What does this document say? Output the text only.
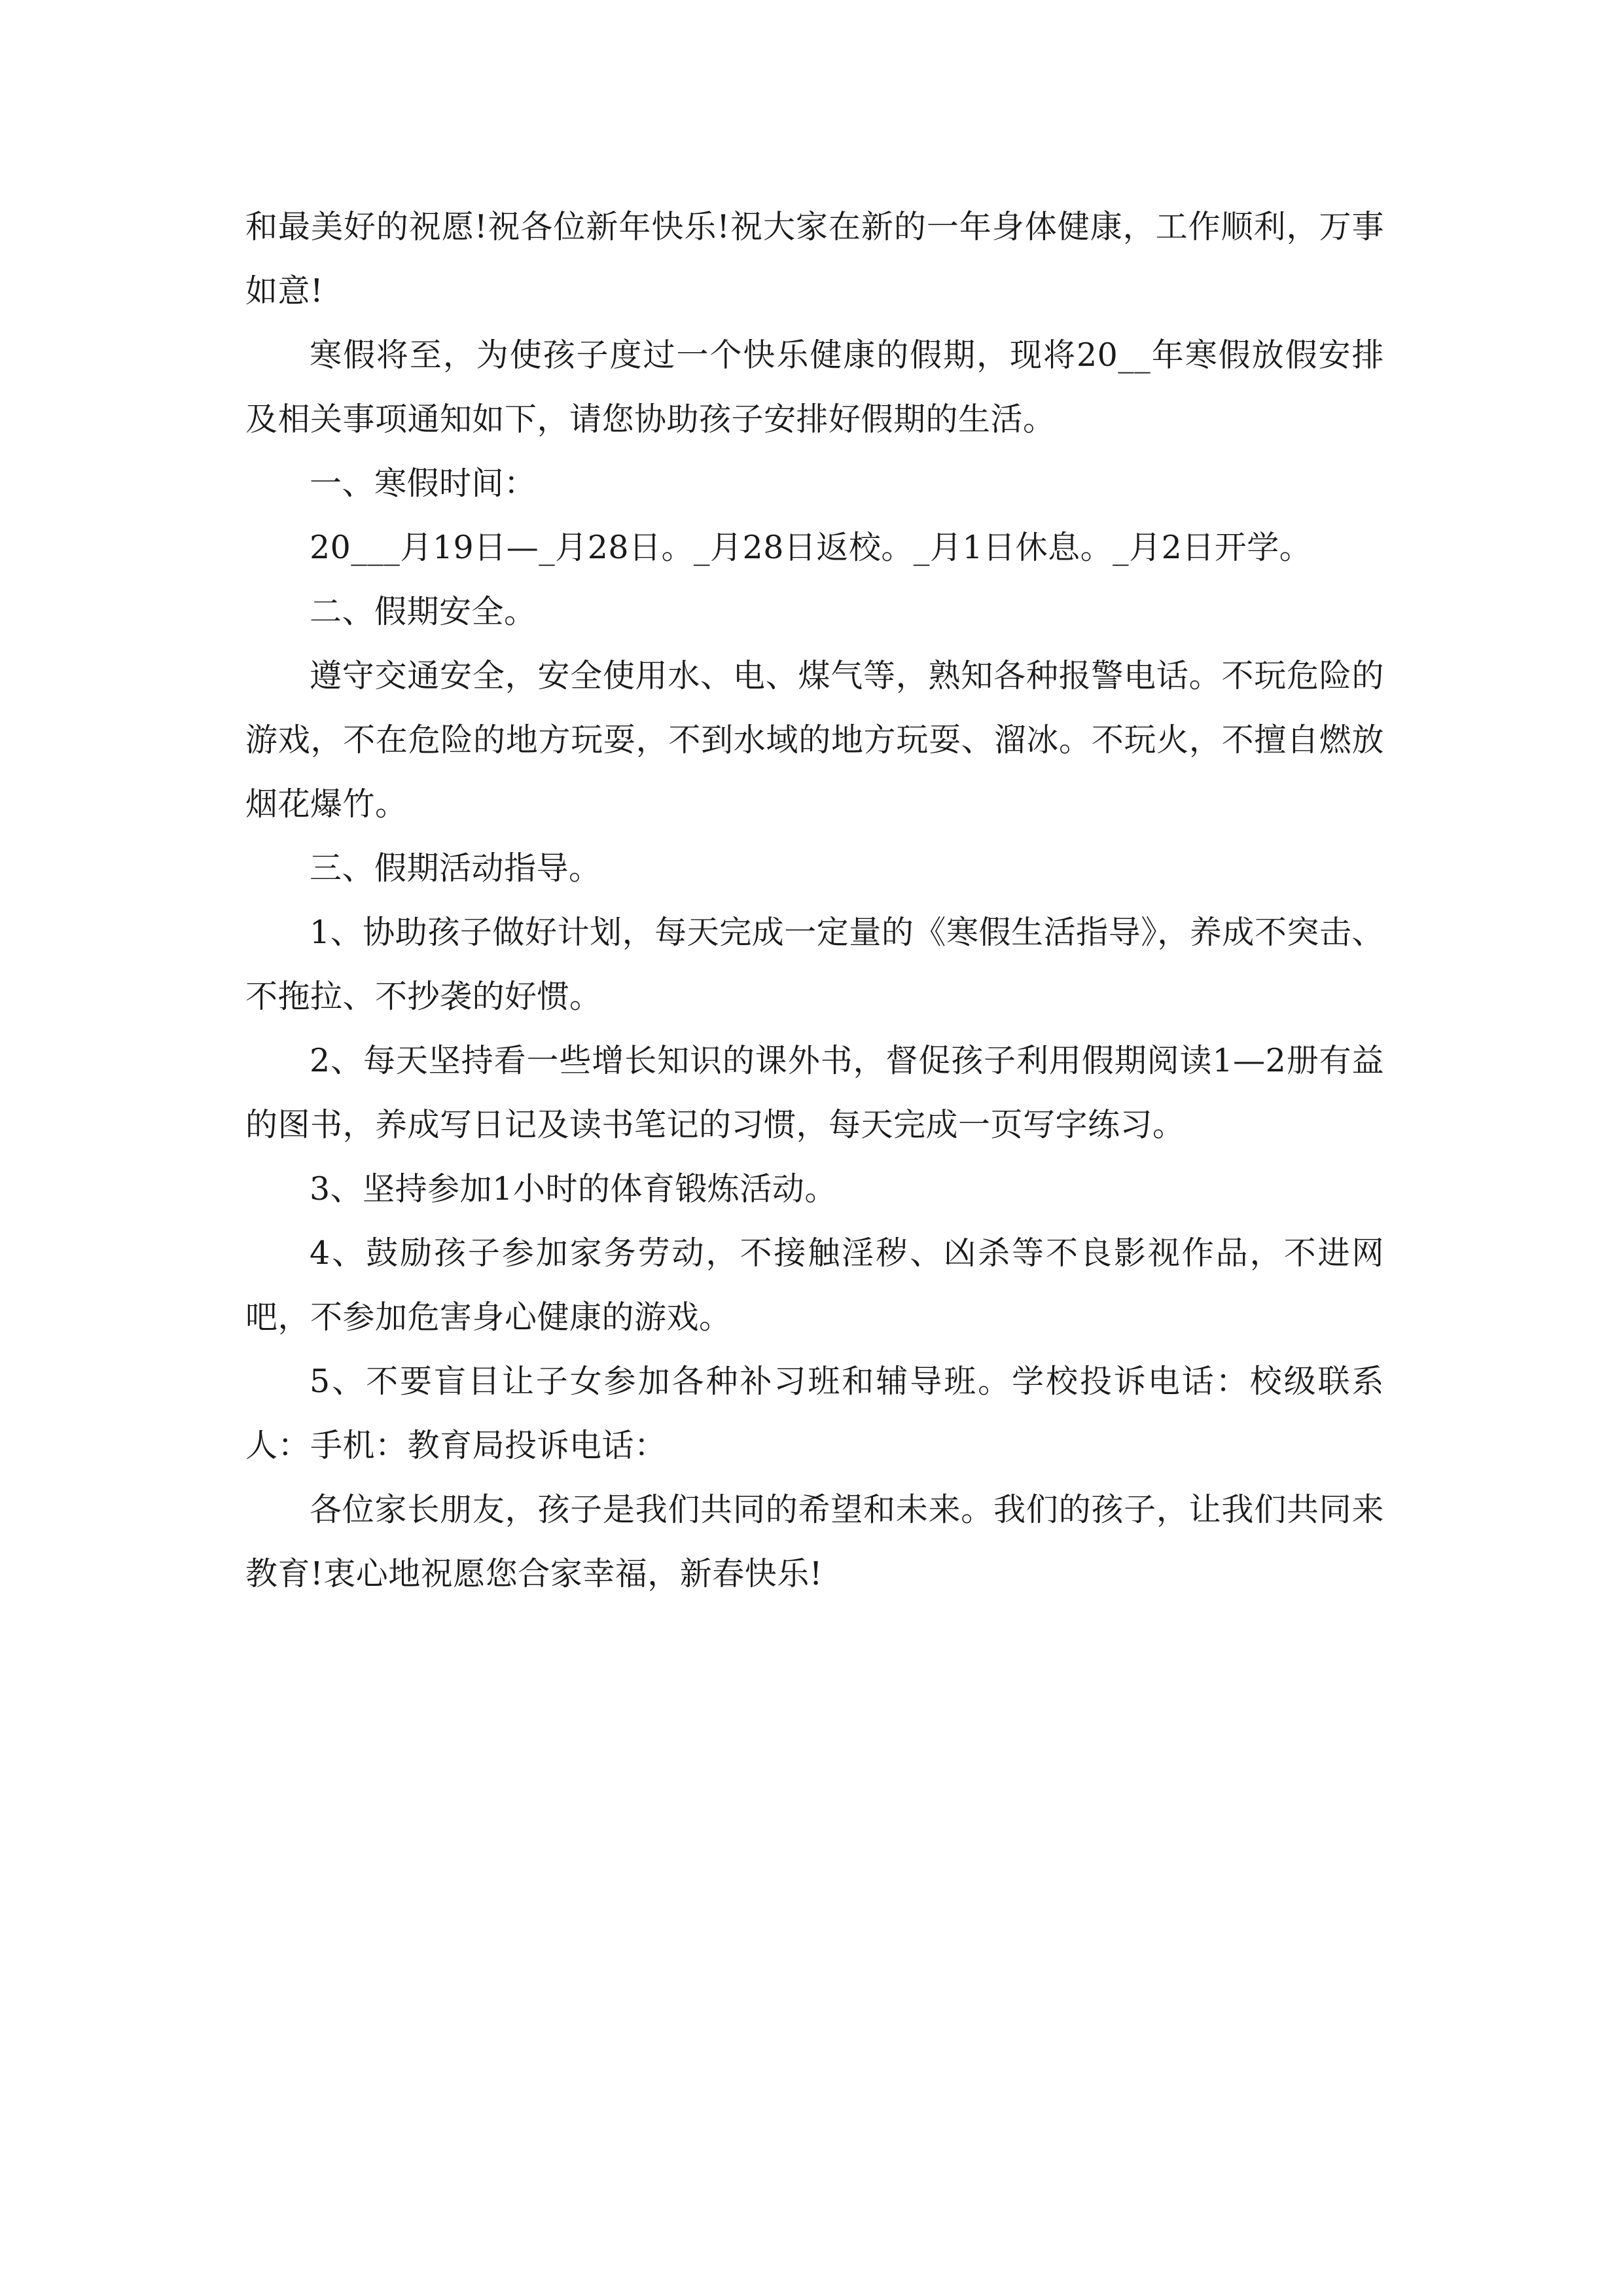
和最美好的祝愿!祝各位新年快乐!祝大家在新的一年身体健康，工作顺利，万事如意!

寒假将至，为使孩子度过一个快乐健康的假期，现将20__年寒假放假安排及相关事项通知如下，请您协助孩子安排好假期的生活。

一、寒假时间：

20___月19日—_月28日。_月28日返校。_月1日休息。_月2日开学。

二、假期安全。

遵守交通安全，安全使用水、电、煤气等，熟知各种报警电话。不玩危险的游戏，不在危险的地方玩耍，不到水域的地方玩耍、溜冰。不玩火，不擅自燃放烟花爆竹。

三、假期活动指导。

1、协助孩子做好计划，每天完成一定量的《寒假生活指导》，养成不突击、不拖拉、不抄袭的好惯。

2、每天坚持看一些增长知识的课外书，督促孩子利用假期阅读1—2册有益的图书，养成写日记及读书笔记的习惯，每天完成一页写字练习。

3、坚持参加1小时的体育锻炼活动。

4、鼓励孩子参加家务劳动，不接触淫秽、凶杀等不良影视作品，不进网吧，不参加危害身心健康的游戏。

5、不要盲目让子女参加各种补习班和辅导班。学校投诉电话：校级联系人：手机：教育局投诉电话：

各位家长朋友，孩子是我们共同的希望和未来。我们的孩子，让我们共同来教育!衷心地祝愿您合家幸福，新春快乐!
